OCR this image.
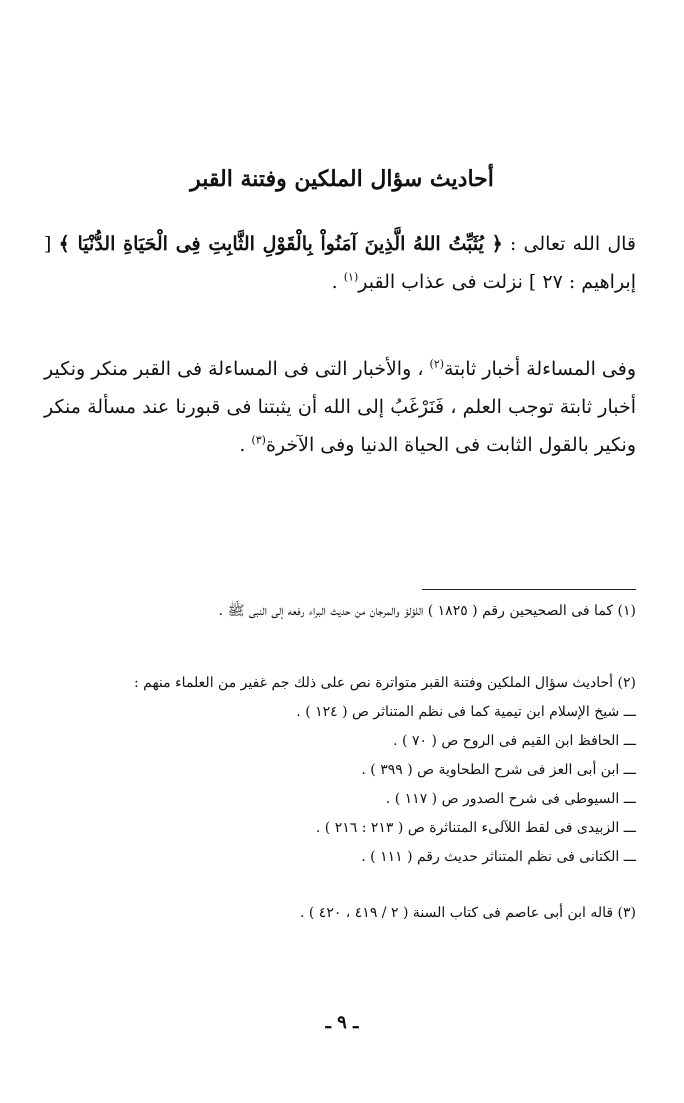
أحاديث سؤال الملكين وفتنة القبر
قال الله تعالى : ﴿ يُثَبِّتُ اللهُ الَّذِينَ آمَنُواْ بِالْقَوْلِ الثَّابِتِ فِى الْحَيَاةِ الدُّنْيَا ﴾ [ إبراهيم : ٢٧ ] نزلت فى عذاب القبر$^{(١)}$ .
وفى المساءلة أخبار ثابتة$^{(٢)}$ ، والأخبار التى فى المساءلة فى القبر منكر ونكير أخبار ثابتة توجب العلم ، فَنَرْغَبُ إلى الله أن يثبتنا فى قبورنا عند مسألة منكر ونكير بالقول الثابت فى الحياة الدنيا وفى الآخرة$^{(٣)}$ .
(١) كما فى الصحيحين رقم ( ١٨٢٥ ) اللؤلؤ والمرجان من حديث البراء رفعه إلى النبى ﷺ .
(٢) أحاديث سؤال الملكين وفتنة القبر متواترة نص على ذلك جم غفير من العلماء منهم :
ـــ شيخ الإسلام ابن تيمية كما فى نظم المتناثر ص ( ١٢٤ ) .
ـــ الحافظ ابن القيم فى الروح ص ( ٧٠ ) .
ـــ ابن أبى العز فى شرح الطحاوية ص ( ٣٩٩ ) .
ـــ السيوطى فى شرح الصدور ص ( ١١٧ ) .
ـــ الزبيدى فى لقط اللآلىء المتناثرة ص ( ٢١٣ : ٢١٦ ) .
ـــ الكتانى فى نظم المتناثر حديث رقم ( ١١١ ) .
(٣) قاله ابن أبى عاصم فى كتاب السنة ( ٢ / ٤١٩ ، ٤٢٠ ) .
ـ ٩ ـ
